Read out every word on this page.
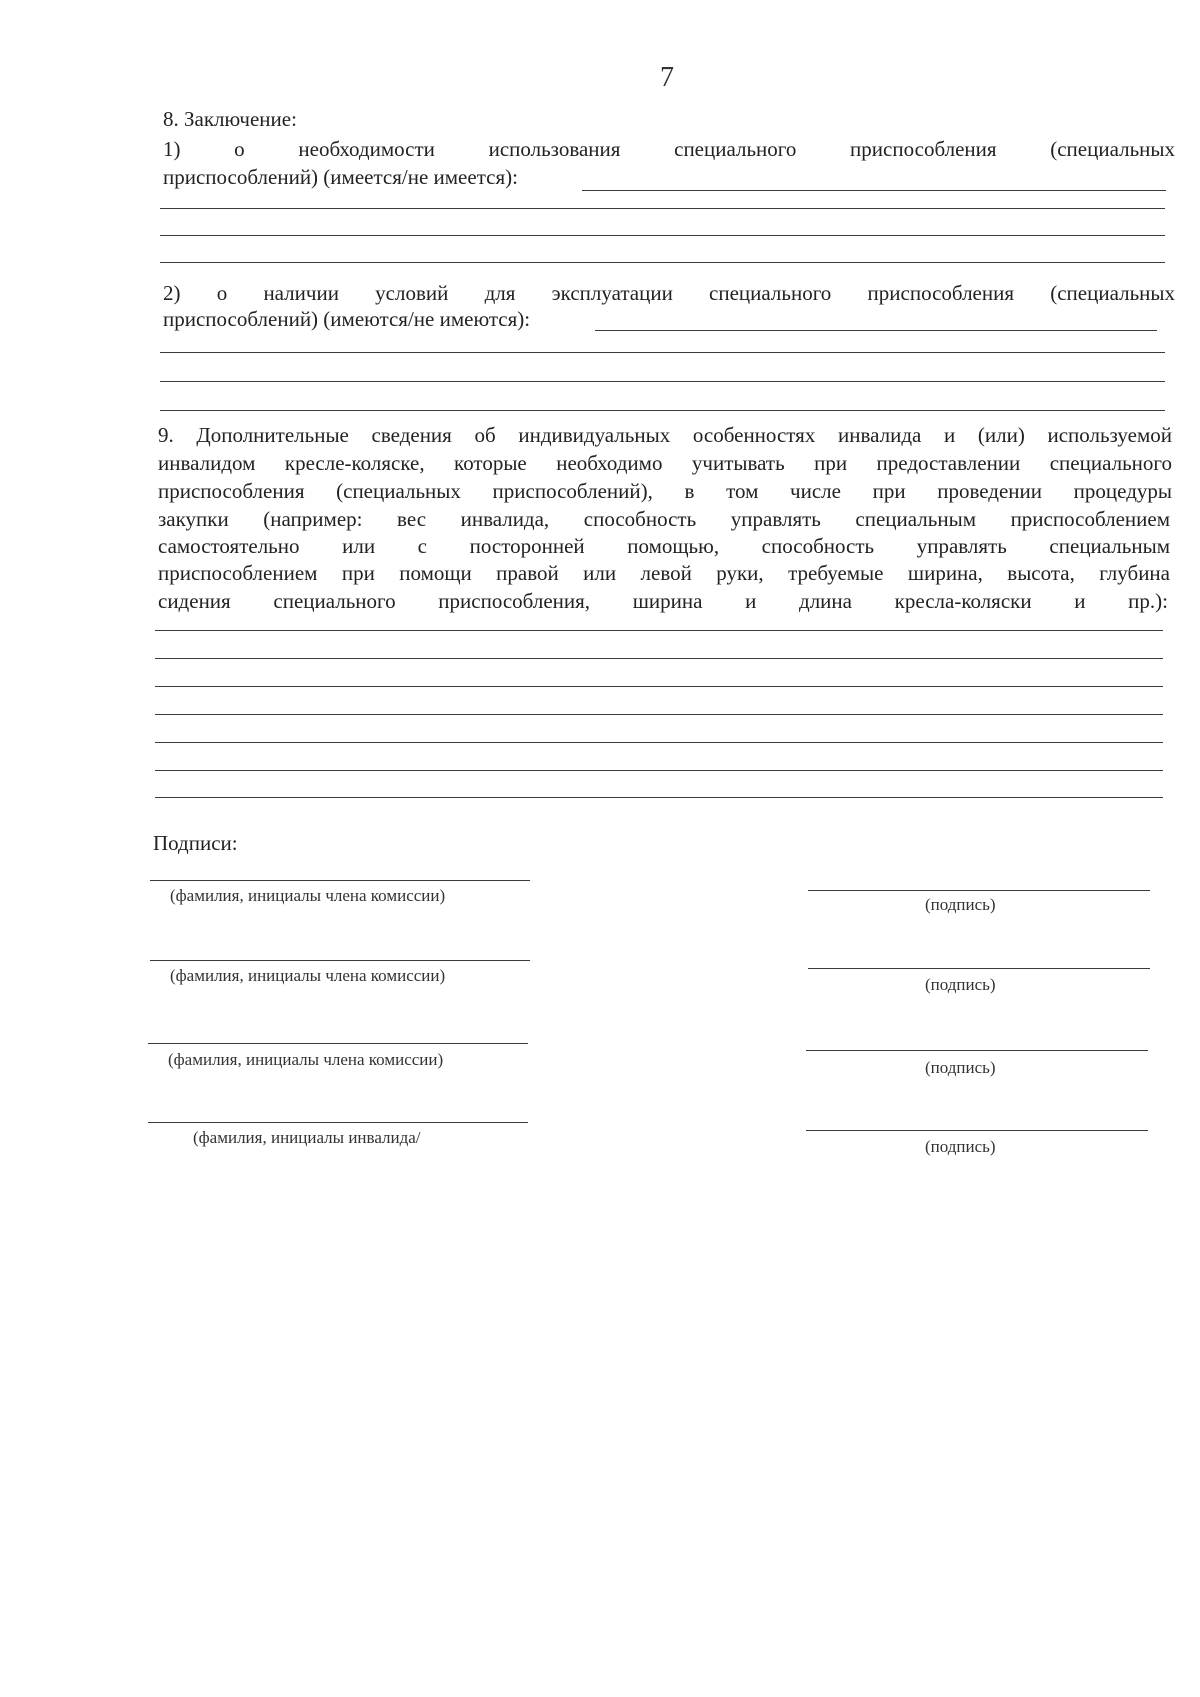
7
8. Заключение:
1) о необходимости использования специального приспособления (специальных
приспособлений) (имеется/не имеется):
2) о наличии условий для эксплуатации специального приспособления (специальных
приспособлений) (имеются/не имеются):
9. Дополнительные сведения об индивидуальных особенностях инвалида и (или) используемой
инвалидом кресле-коляске, которые необходимо учитывать при предоставлении специального
приспособления (специальных приспособлений), в том числе при проведении процедуры
закупки (например: вес инвалида, способность управлять специальным приспособлением
самостоятельно или с посторонней помощью, способность управлять специальным
приспособлением при помощи правой или левой руки, требуемые ширина, высота, глубина
сидения специального приспособления, ширина и длина кресла-коляски и пр.):
Подписи:
(фамилия, инициалы члена комиссии)	(подпись)
(фамилия, инициалы члена комиссии)	(подпись)
(фамилия, инициалы члена комиссии)	(подпись)
(фамилия, инициалы инвалида/	(подпись)
